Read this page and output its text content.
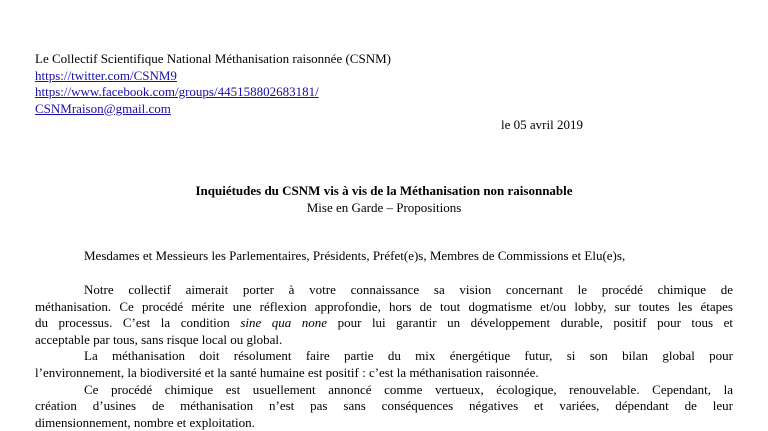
Le Collectif Scientifique National Méthanisation raisonnée (CSNM)
https://twitter.com/CSNM9
https://www.facebook.com/groups/445158802683181/
CSNMraison@gmail.com
le 05 avril 2019
Inquiétudes du CSNM vis à vis de la Méthanisation non raisonnable
Mise en Garde – Propositions
Mesdames et Messieurs les Parlementaires, Présidents, Préfet(e)s, Membres de Commissions et Elu(e)s,
Notre collectif aimerait porter à votre connaissance sa vision concernant le procédé chimique de
méthanisation. Ce procédé mérite une réflexion approfondie, hors de tout dogmatisme et/ou lobby, sur toutes les étapes
du processus. C’est la condition sine qua none pour lui garantir un développement durable, positif pour tous et
acceptable par tous, sans risque local ou global.
La méthanisation doit résolument faire partie du mix énergétique futur, si son bilan global pour
l’environnement, la biodiversité et la santé humaine est positif : c’est la méthanisation raisonnée.
Ce procédé chimique est usuellement annoncé comme vertueux, écologique, renouvelable. Cependant, la
création d’usines de méthanisation n’est pas sans conséquences négatives et variées, dépendant de leur
dimensionnement, nombre et exploitation.
